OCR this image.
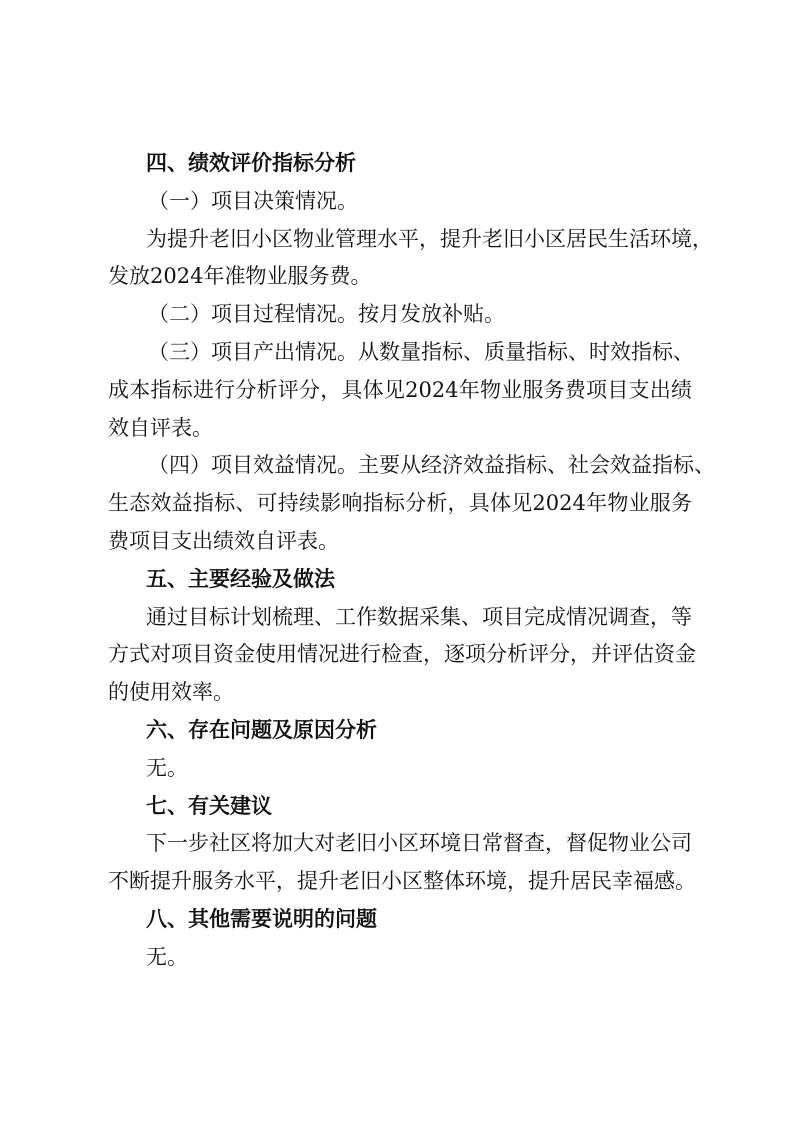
四、绩效评价指标分析
（一）项目决策情况。
为提升老旧小区物业管理水平，提升老旧小区居民生活环境，
发放2024年准物业服务费。
（二）项目过程情况。按月发放补贴。
（三）项目产出情况。从数量指标、质量指标、时效指标、
成本指标进行分析评分，具体见2024年物业服务费项目支出绩
效自评表。
（四）项目效益情况。主要从经济效益指标、社会效益指标、
生态效益指标、可持续影响指标分析，具体见2024年物业服务
费项目支出绩效自评表。
五、主要经验及做法
通过目标计划梳理、工作数据采集、项目完成情况调查，等
方式对项目资金使用情况进行检查，逐项分析评分，并评估资金
的使用效率。
六、存在问题及原因分析
无。
七、有关建议
下一步社区将加大对老旧小区环境日常督查，督促物业公司
不断提升服务水平，提升老旧小区整体环境，提升居民幸福感。
八、其他需要说明的问题
无。
